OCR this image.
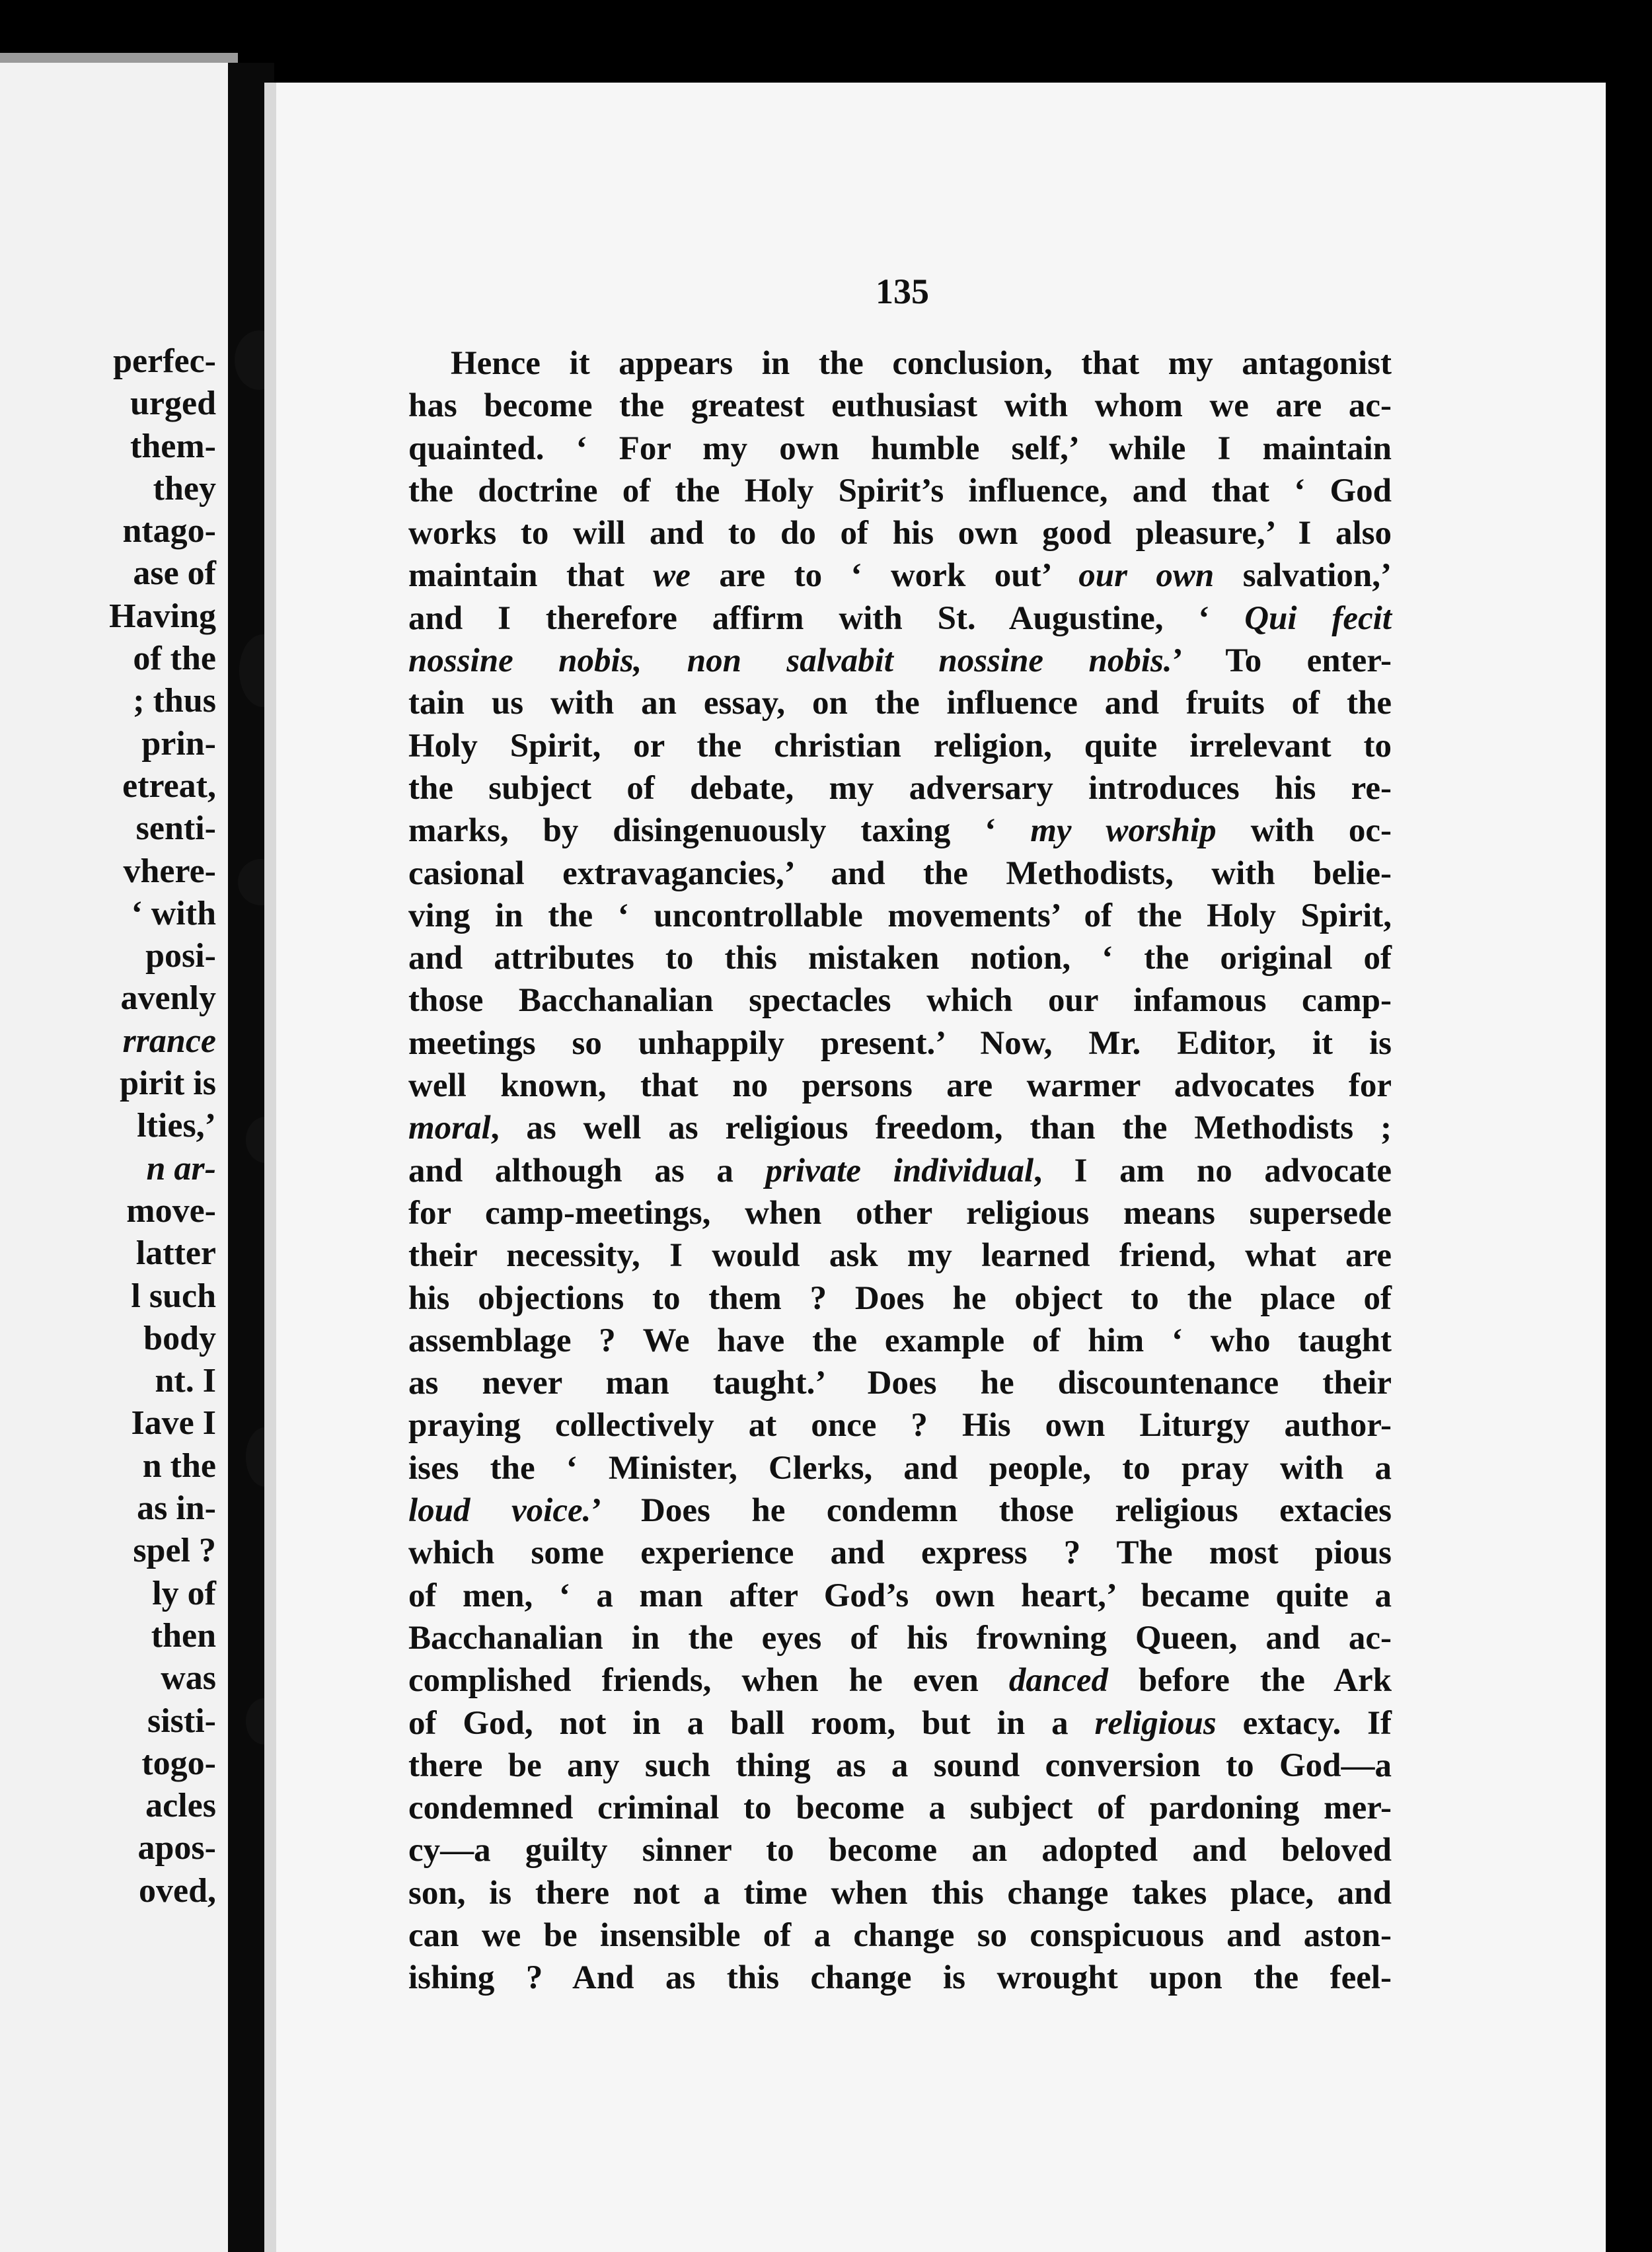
perfec-
urged
them-
they
ntago-
ase of
Having
of the
; thus
prin-
etreat,
senti-
vhere-
‘ with
posi-
avenly
rrance
pirit is
lties,’
n ar-
move-
latter
l such
body
nt. I
Iave I
n the
as in-
spel ?
ly of
then
was
sisti-
togo-
acles
apos-
oved,
135
Hence it appears in the conclusion, that my antagonist
has become the greatest euthusiast with whom we are ac-
quainted. ‘ For my own humble self,’ while I maintain
the doctrine of the Holy Spirit’s influence, and that ‘ God
works to will and to do of his own good pleasure,’ I also
maintain that we are to ‘ work out’ our own salvation,’
and I therefore affirm with St. Augustine, ‘ Qui fecit
nossine nobis, non salvabit nossine nobis.’ To enter-
tain us with an essay, on the influence and fruits of the
Holy Spirit, or the christian religion, quite irrelevant to
the subject of debate, my adversary introduces his re-
marks, by disingenuously taxing ‘ my worship with oc-
casional extravagancies,’ and the Methodists, with belie-
ving in the ‘ uncontrollable movements’ of the Holy Spirit,
and attributes to this mistaken notion, ‘ the original of
those Bacchanalian spectacles which our infamous camp-
meetings so unhappily present.’ Now, Mr. Editor, it is
well known, that no persons are warmer advocates for
moral, as well as religious freedom, than the Methodists ;
and although as a private individual, I am no advocate
for camp-meetings, when other religious means supersede
their necessity, I would ask my learned friend, what are
his objections to them ? Does he object to the place of
assemblage ? We have the example of him ‘ who taught
as never man taught.’ Does he discountenance their
praying collectively at once ? His own Liturgy author-
ises the ‘ Minister, Clerks, and people, to pray with a
loud voice.’ Does he condemn those religious extacies
which some experience and express ? The most pious
of men, ‘ a man after God’s own heart,’ became quite a
Bacchanalian in the eyes of his frowning Queen, and ac-
complished friends, when he even danced before the Ark
of God, not in a ball room, but in a religious extacy. If
there be any such thing as a sound conversion to God—a
condemned criminal to become a subject of pardoning mer-
cy—a guilty sinner to become an adopted and beloved
son, is there not a time when this change takes place, and
can we be insensible of a change so conspicuous and aston-
ishing ? And as this change is wrought upon the feel-
